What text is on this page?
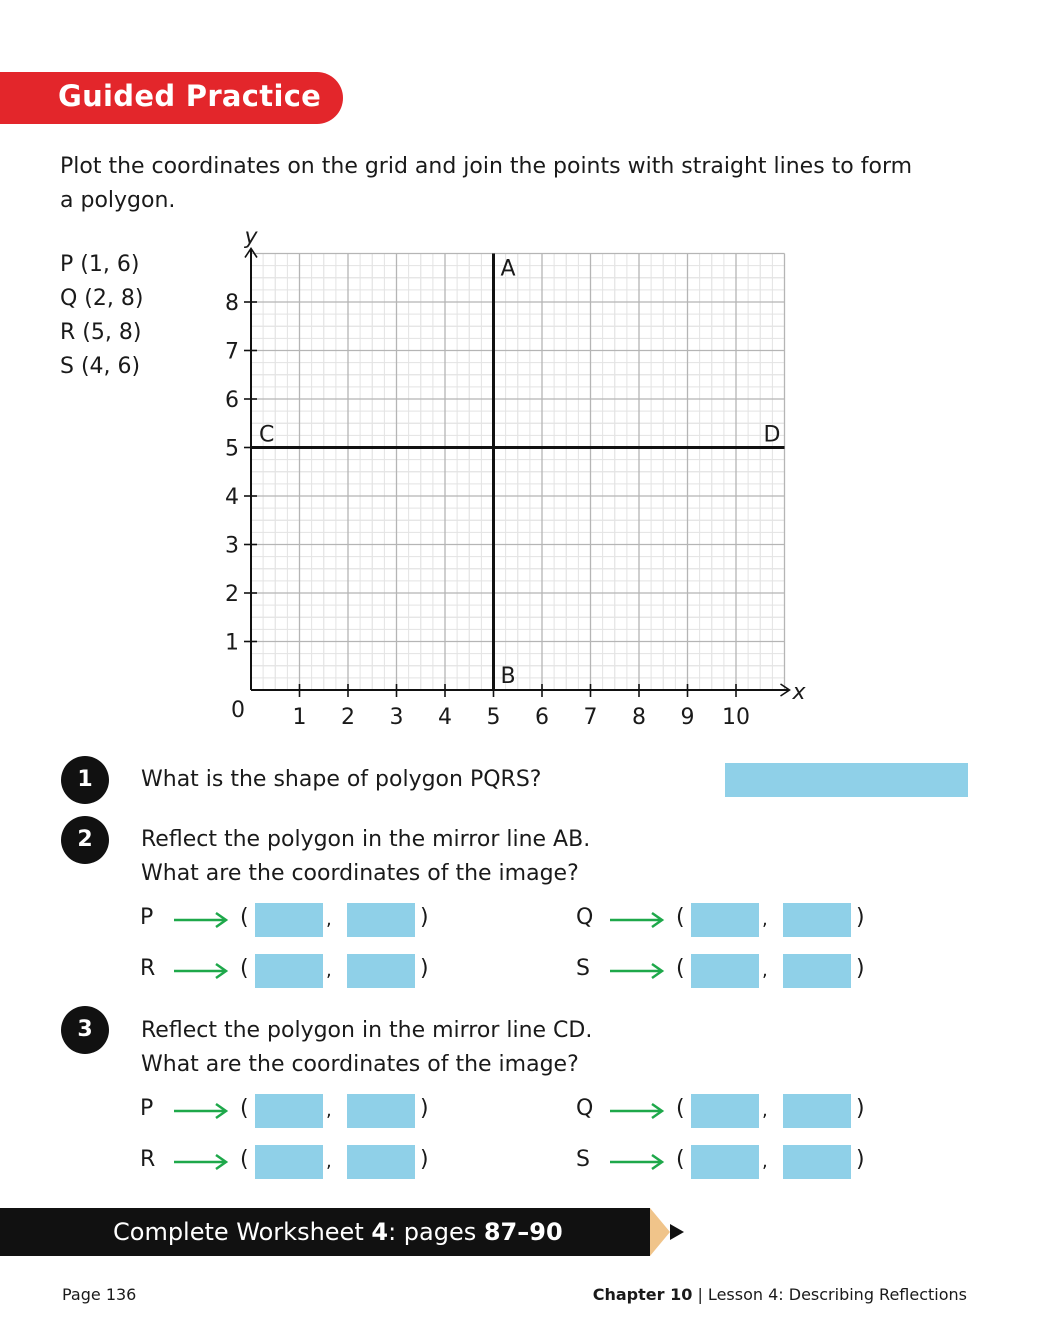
Guided Practice
Plot the coordinates on the grid and join the points with straight lines to form a polygon.
P (1, 6)
Q (2, 8)
R (5, 8)
S (4, 6)
1 2 3 4 5 6 7 8 9 10
1
2
3
4
5
6
7
8
A
B
C	D
x
y
0
1	What is the shape of polygon PQRS?
2	Reflect the polygon in the mirror line AB.
What are the coordinates of the image?
P	(	,	)	Q	(	,	)
R	(	,	)	S	(	,	)
3	Reflect the polygon in the mirror line CD.
What are the coordinates of the image?
P	(	,	)	Q	(	,	)
R	(	,	)	S	(	,	)
Complete Worksheet 4: pages 87–90
Page 136	Chapter 10 | Lesson 4: Describing Reflections
